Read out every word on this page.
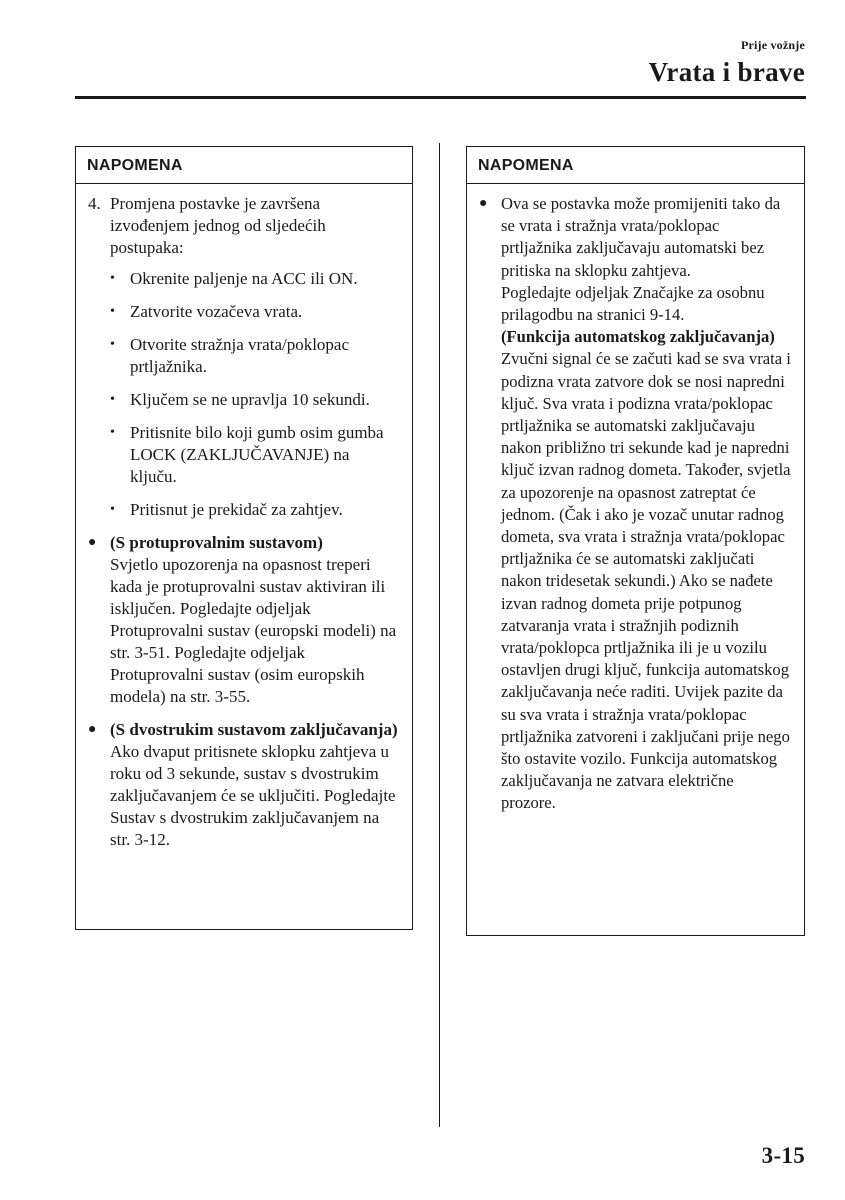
Prije vožnje
Vrata i brave
NAPOMENA
4. Promjena postavke je završena izvođenjem jednog od sljedećih postupaka:
• Okrenite paljenje na ACC ili ON.
• Zatvorite vozačeva vrata.
• Otvorite stražnja vrata/poklopac prtljažnika.
• Ključem se ne upravlja 10 sekundi.
• Pritisnite bilo koji gumb osim gumba LOCK (ZAKLJUČAVANJE) na ključu.
• Pritisnut je prekidač za zahtjev.
● (S protuprovalnim sustavom)
Svjetlo upozorenja na opasnost treperi kada je protuprovalni sustav aktiviran ili isključen. Pogledajte odjeljak Protuprovalni sustav (europski modeli) na str. 3-51. Pogledajte odjeljak Protuprovalni sustav (osim europskih modela) na str. 3-55.
● (S dvostrukim sustavom zaključavanja)
Ako dvaput pritisnete sklopku zahtjeva u roku od 3 sekunde, sustav s dvostrukim zaključavanjem će se uključiti. Pogledajte Sustav s dvostrukim zaključavanjem na str. 3-12.
NAPOMENA
● Ova se postavka može promijeniti tako da se vrata i stražnja vrata/poklopac prtljažnika zaključavaju automatski bez pritiska na sklopku zahtjeva.
Pogledajte odjeljak Značajke za osobnu prilagodbu na stranici 9-14.
(Funkcija automatskog zaključavanja)
Zvučni signal će se začuti kad se sva vrata i podizna vrata zatvore dok se nosi napredni ključ. Sva vrata i podizna vrata/poklopac prtljažnika se automatski zaključavaju nakon približno tri sekunde kad je napredni ključ izvan radnog dometa. Također, svjetla za upozorenje na opasnost zatreptat će jednom. (Čak i ako je vozač unutar radnog dometa, sva vrata i stražnja vrata/poklopac prtljažnika će se automatski zaključati nakon tridesetak sekundi.) Ako se nađete izvan radnog dometa prije potpunog zatvaranja vrata i stražnjih podiznih vrata/poklopca prtljažnika ili je u vozilu ostavljen drugi ključ, funkcija automatskog zaključavanja neće raditi. Uvijek pazite da su sva vrata i stražnja vrata/poklopac prtljažnika zatvoreni i zaključani prije nego što ostavite vozilo. Funkcija automatskog zaključavanja ne zatvara električne prozore.
3-15
